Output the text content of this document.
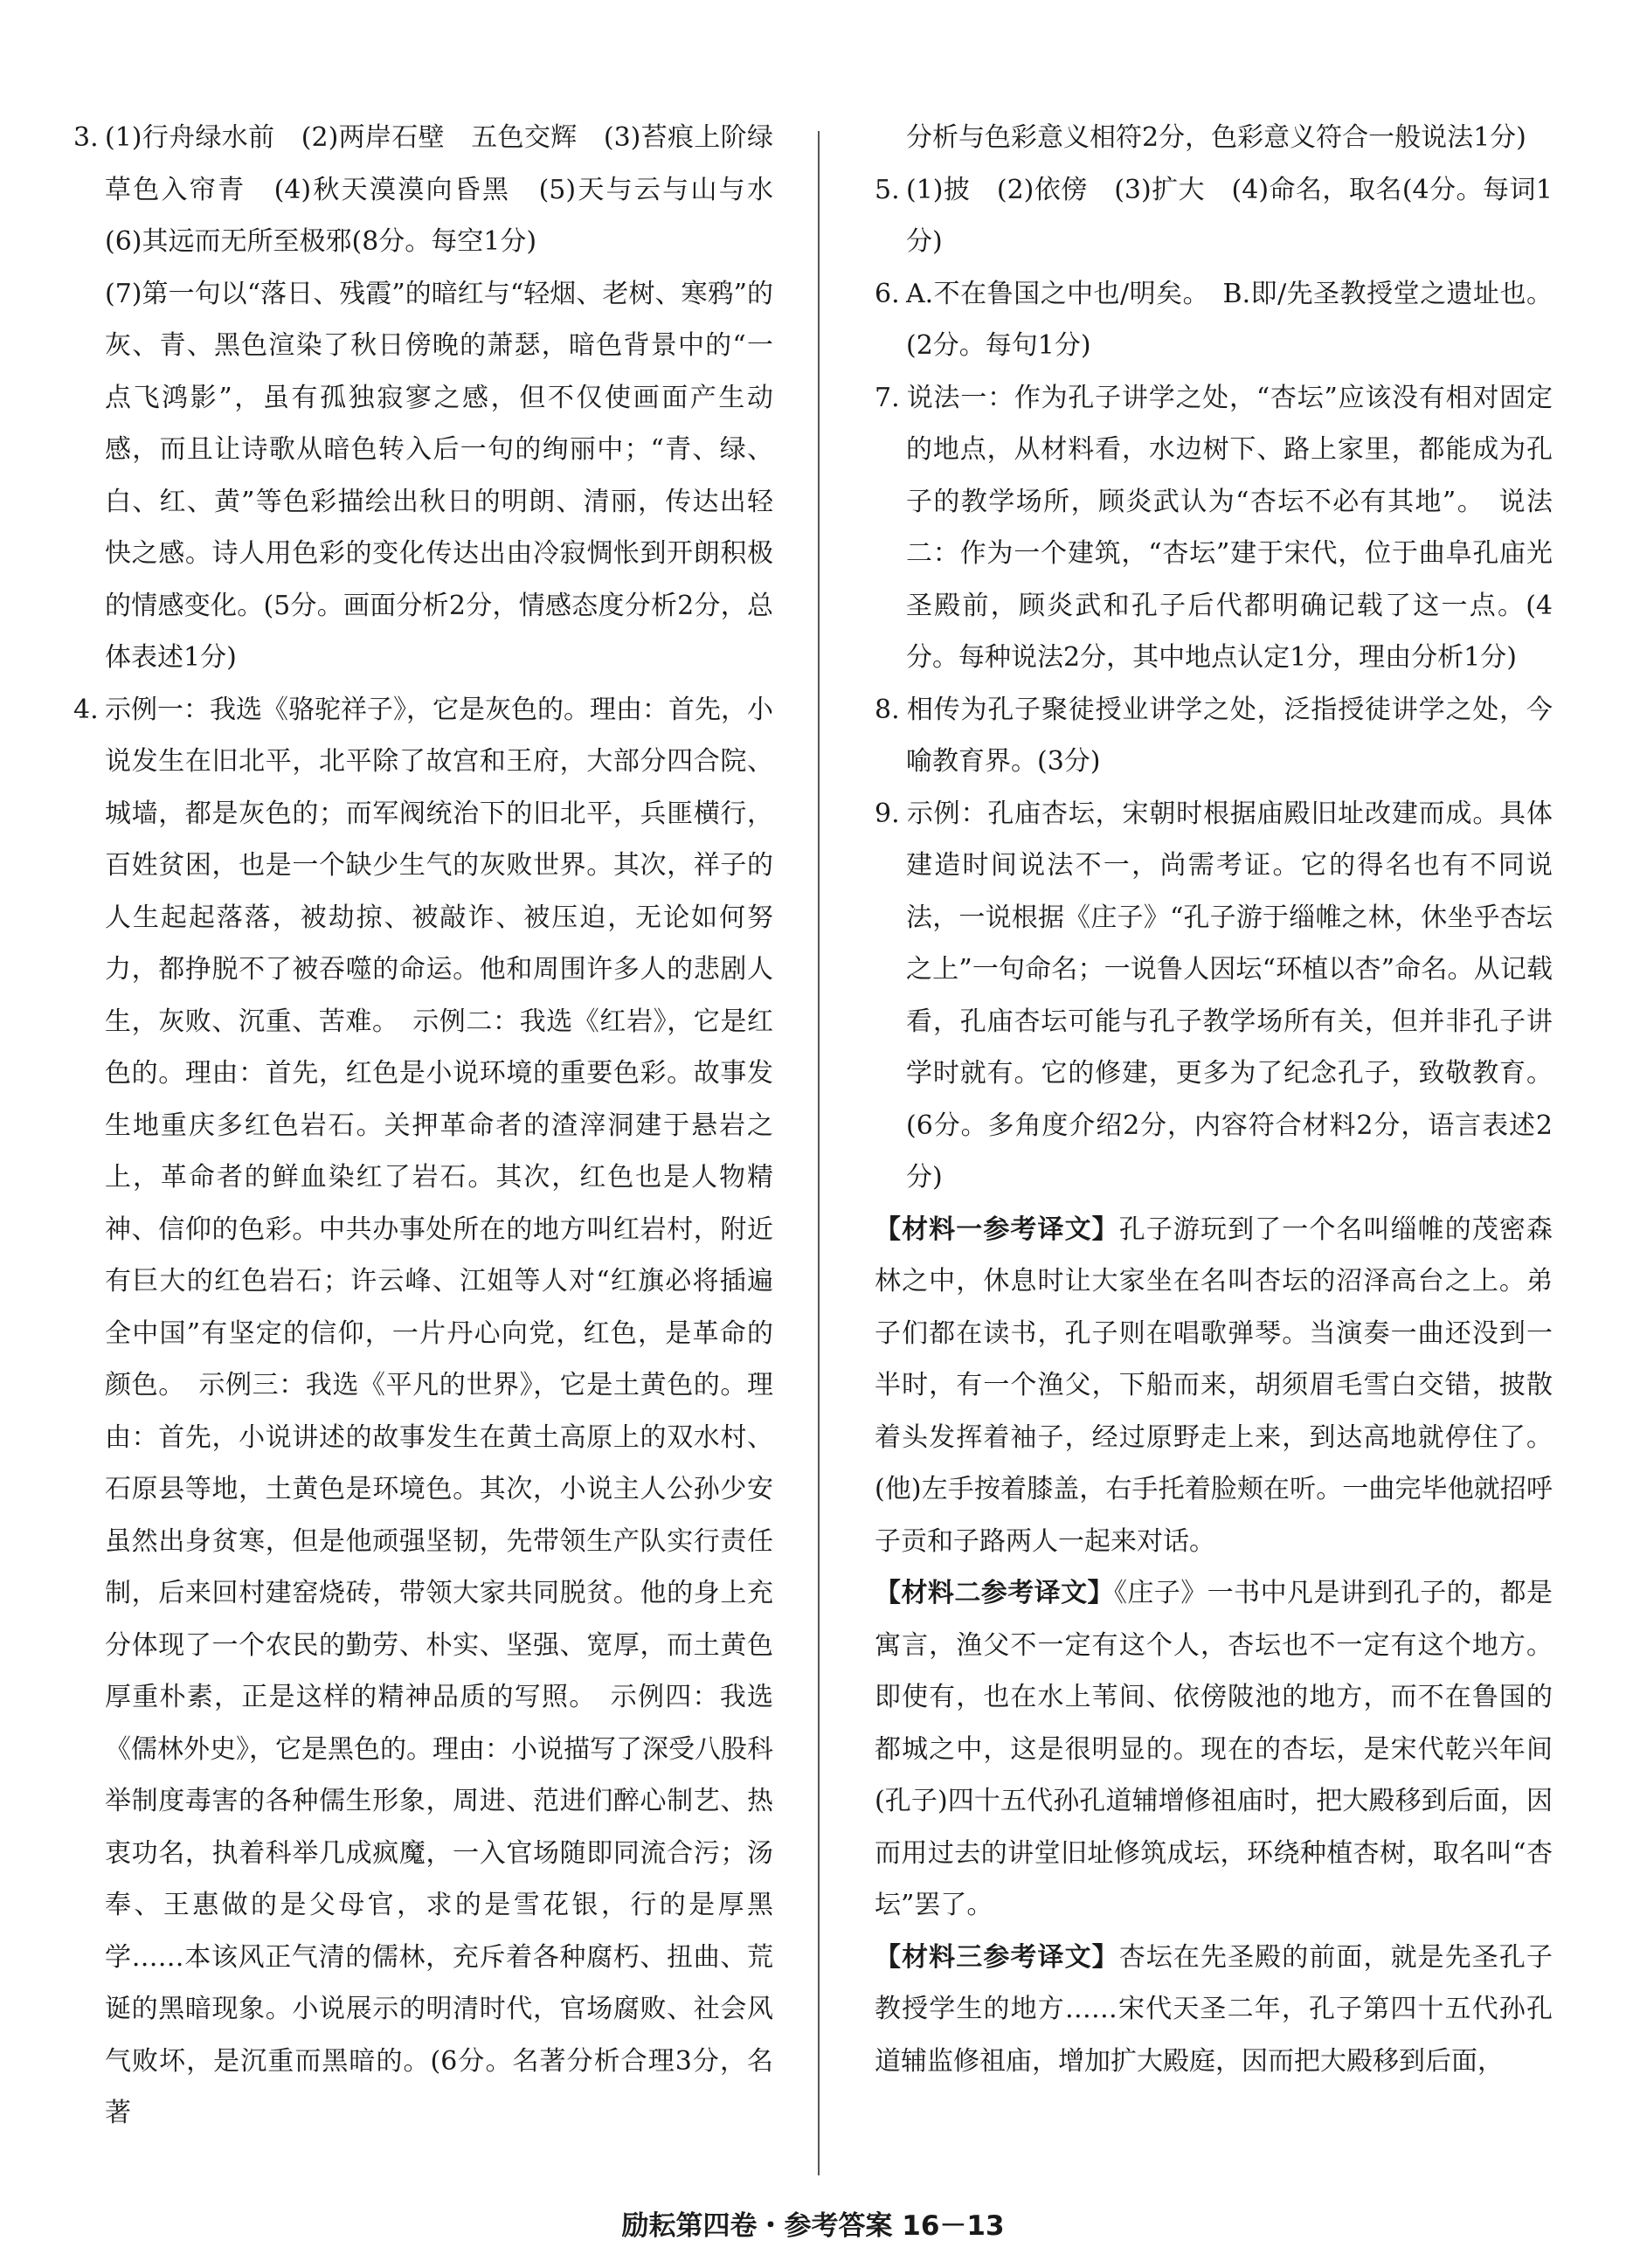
3. (1)行舟绿水前　(2)两岸石壁　五色交辉　(3)苔痕上阶绿　草色入帘青　(4)秋天漠漠向昏黑　(5)天与云与山与水　(6)其远而无所至极邪(8分。每空1分)

(7)第一句以“落日、残霞”的暗红与“轻烟、老树、寒鸦”的灰、青、黑色渲染了秋日傍晚的萧瑟，暗色背景中的“一点飞鸿影”，虽有孤独寂寥之感，但不仅使画面产生动感，而且让诗歌从暗色转入后一句的绚丽中；“青、绿、白、红、黄”等色彩描绘出秋日的明朗、清丽，传达出轻快之感。诗人用色彩的变化传达出由冷寂惆怅到开朗积极的情感变化。(5分。画面分析2分，情感态度分析2分，总体表述1分)

4. 示例一：我选《骆驼祥子》，它是灰色的。理由：首先，小说发生在旧北平，北平除了故宫和王府，大部分四合院、城墙，都是灰色的；而军阀统治下的旧北平，兵匪横行，百姓贫困，也是一个缺少生气的灰败世界。其次，祥子的人生起起落落，被劫掠、被敲诈、被压迫，无论如何努力，都挣脱不了被吞噬的命运。他和周围许多人的悲剧人生，灰败、沉重、苦难。　示例二：我选《红岩》，它是红色的。理由：首先，红色是小说环境的重要色彩。故事发生地重庆多红色岩石。关押革命者的渣滓洞建于悬岩之上，革命者的鲜血染红了岩石。其次，红色也是人物精神、信仰的色彩。中共办事处所在的地方叫红岩村，附近有巨大的红色岩石；许云峰、江姐等人对“红旗必将插遍全中国”有坚定的信仰，一片丹心向党，红色，是革命的颜色。　示例三：我选《平凡的世界》，它是土黄色的。理由：首先，小说讲述的故事发生在黄土高原上的双水村、石原县等地，土黄色是环境色。其次，小说主人公孙少安虽然出身贫寒，但是他顽强坚韧，先带领生产队实行责任制，后来回村建窑烧砖，带领大家共同脱贫。他的身上充分体现了一个农民的勤劳、朴实、坚强、宽厚，而土黄色厚重朴素，正是这样的精神品质的写照。　示例四：我选《儒林外史》，它是黑色的。理由：小说描写了深受八股科举制度毒害的各种儒生形象，周进、范进们醉心制艺、热衷功名，执着科举几成疯魔，一入官场随即同流合污；汤奉、王惠做的是父母官，求的是雪花银，行的是厚黑学……本该风正气清的儒林，充斥着各种腐朽、扭曲、荒诞的黑暗现象。小说展示的明清时代，官场腐败、社会风气败坏，是沉重而黑暗的。(6分。名著分析合理3分，名著

分析与色彩意义相符2分，色彩意义符合一般说法1分)

5. (1)披　(2)依傍　(3)扩大　(4)命名，取名(4分。每词1分)
6. A.不在鲁国之中也/明矣。　B.即/先圣教授堂之遗址也。(2分。每句1分)
7. 说法一：作为孔子讲学之处，“杏坛”应该没有相对固定的地点，从材料看，水边树下、路上家里，都能成为孔子的教学场所，顾炎武认为“杏坛不必有其地”。　说法二：作为一个建筑，“杏坛”建于宋代，位于曲阜孔庙光圣殿前，顾炎武和孔子后代都明确记载了这一点。(4分。每种说法2分，其中地点认定1分，理由分析1分)
8. 相传为孔子聚徒授业讲学之处，泛指授徒讲学之处，今喻教育界。(3分)
9. 示例：孔庙杏坛，宋朝时根据庙殿旧址改建而成。具体建造时间说法不一，尚需考证。它的得名也有不同说法，一说根据《庄子》“孔子游于缁帷之林，休坐乎杏坛之上”一句命名；一说鲁人因坛“环植以杏”命名。从记载看，孔庙杏坛可能与孔子教学场所有关，但并非孔子讲学时就有。它的修建，更多为了纪念孔子，致敬教育。(6分。多角度介绍2分，内容符合材料2分，语言表述2分)

【材料一参考译文】孔子游玩到了一个名叫缁帷的茂密森林之中，休息时让大家坐在名叫杏坛的沼泽高台之上。弟子们都在读书，孔子则在唱歌弹琴。当演奏一曲还没到一半时，有一个渔父，下船而来，胡须眉毛雪白交错，披散着头发挥着袖子，经过原野走上来，到达高地就停住了。(他)左手按着膝盖，右手托着脸颊在听。一曲完毕他就招呼子贡和子路两人一起来对话。

【材料二参考译文】《庄子》一书中凡是讲到孔子的，都是寓言，渔父不一定有这个人，杏坛也不一定有这个地方。即使有，也在水上苇间、依傍陂池的地方，而不在鲁国的都城之中，这是很明显的。现在的杏坛，是宋代乾兴年间(孔子)四十五代孙孔道辅增修祖庙时，把大殿移到后面，因而用过去的讲堂旧址修筑成坛，环绕种植杏树，取名叫“杏坛”罢了。

【材料三参考译文】杏坛在先圣殿的前面，就是先圣孔子教授学生的地方……宋代天圣二年，孔子第四十五代孙孔道辅监修祖庙，增加扩大殿庭，因而把大殿移到后面，

励耘第四卷・参考答案 16－13
